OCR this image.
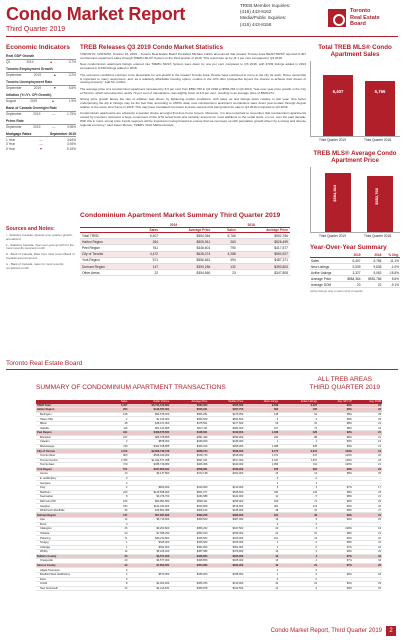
Condo Market Report
Third Quarter 2019
TREB Member Inquiries:
(416) 443-8152
Media/Public Inquiries:
(416) 443-8158
Toronto
Real Estate
Board
Economic Indicators
Real GDP Growth
Q2	2019	▲	3.7%
Toronto Employment Growth
September	2019	▲	3.2%
Toronto Unemployment Rate
September	2019	▼	5.8%
Inflation (Yr./Yr. CPI Growth)
August	2019	▲	1.9%
Bank of Canada Overnight Rate
September	2019	—	1.75%
Prime Rate
September	2019	—	3.95%
Mortgage Rates	September 2019
1 Year	—	3.64%
3 Year	—	3.94%
5 Year	▼	5.19%
Sources and Notes:

i - Statistics Canada, Quarter-over-quarter growth, annualized

ii - Statistics Canada, Year-over-year growth for the most recently reported month

iii - Bank of Canada, Rate from most recent Bank of Canada announcement

iv - Bank of Canada, rates for most recently completed month

TREB Releases Q3 2019 Condo Market Statistics

TORONTO, ONTARIO, October 16, 2019 – Toronto Real Estate Board President Michael Collins announced that Greater Toronto Area REALTORS® reported 6,407 condominium apartment sales through TREB's MLS® System in the third quarter of 2019. This result was up by 11.1 per cent compared to Q3 2018.

New condominium apartment listings entered into TREB's MLS® System were down by one per cent compared to Q3 2018, with 9,539 listings added in 2019 compared to 9,636 listings added in 2018.

The economic conditions continue to be favourable for unit growth in the Greater Toronto Area. People have continued to come to the city for work. Home ownership is important to many newcomers, and, as a relatively affordable housing option, condos in the GTA offer prospective buyers the chance to achieve their dream of owning property," said Mr. Collins.

The average price of a condominium apartment increased by 5.6 per cent from $552,766 in Q3 2018 to $584,364 in Q3 2019. Year-over-year price growth in the City of Toronto, which accounted for nearly 70 per cent of transactions, was slightly lower at 5.9 per cent, resulting in an average price of $628,074.

Strong price growth above the rate of inflation was driven by tightening market conditions, with sales up and listings down relative to last year. One factor underpinning the dip in listings may be the fact that, according to CMHC data, new condominium apartment completions were down year-to-date through August relative to the same time frame in 2018. This may have translated into fewer investor-owned units being listed for sale in Q3 2019 compared to Q3 2018.

Condominium apartments are obviously a popular choice amongst first-time home buyers. Moreover, it is also important to remember that condominium apartments owned by investors represent a huge component of the GTA rental stock and certainly account for most additions to the rental stock, on net, over the past decade. With this in mind, strong price trends segment will be important moving forward to ensure that we can keep up with population growth driven by a strong and diverse regional economy," said Jason Mercer, TREB's Chief Market Analyst.

Condominium Apartment Market Summary Third Quarter 2019
	2019		2018	
	Sales	Average Price	Sales	Average Price
Total TREB	6,407	$584,364	5,766	$552,766
Halton Region	264	$505,941	263	$526,499
Peel Region	911	$448,601	790	$417,577
City of Toronto	4,472	$628,074	4,288	$594,927
York Region	571	$556,661	494	$487,371
Durham Region	147	$390,256	132	$390,803
Other Areas	22	$354,660	23	$347,808
Total TREB MLS® Condo Apartment Sales
6,407	5,766
Third Quarter 2019	Third Quarter 2018
TREB MLS® Average Condo Apartment Price
$584,364	$552,766
Third Quarter 2019	Third Quarter 2018
Year-Over-Year Summary
	2019	2018	% Chg.
Sales	6,407	5,766	11.1%
New Listings	9,539	9,636	-1.0%
Active Listings	3,327	5,063	-16.5%
Average Price	$584,364	$552,766	5.6%
Average DOM	20	22	-9.1%
Active listings refer to last month of quarter
Toronto Real Estate Board
SUMMARY OF CONDOMINIUM APARTMENT TRANSACTIONS
ALL TREB AREAS
THIRD QUARTER 2019
	Sales	Dollar Volume	Average Price	Median Price	New Listings	Active Listings	Avg. SP / LP	Avg. DOM
TREB Total	6,407	$3,744,120,894	$584,364	$525,000	9,539	3,327	99%	20
Halton Region	264	$133,567,391	$505,941	$467,750	390	165	98%	29
Burlington	108	$54,678,320	$506,281	$476,950	148	52	98%	28
Halton Hills	2	$1,109,000	$554,500	$554,500	5	3	98%	25
Milton	38	$18,071,300	$475,561	$477,500	53	15	98%	21
Oakville	116	$61,144,895	$527,111	$482,000	167	73	98%	31
Peel Region	911	$408,675,580	$448,601	$440,000	1,306	426	99%	21
Brampton	167	$65,378,895	$391,490	$390,000	244	88	98%	21
Caledon	2	$878,000	$439,000	$439,000	1	1	99%	15
Mississauga	739	$342,168,685	$463,016	$455,000	1,068	336	99%	21
City of Toronto	4,472	$2,808,746,738	$628,074	$568,000	6,774	2,315	100%	19
Toronto West	963	$528,429,060	$548,733	$518,000	1,371	437	100%	20
Toronto Central	2,789	$1,944,577,298	$697,231	$617,000	4,347	1,567	100%	18
Toronto East	720	$335,740,380	$466,306	$440,000	1,056	311	100%	21
York Region	571	$317,853,331	$556,661	$530,000	876	384	98%	23
Aurora	13	$6,137,800	$472,138	$462,000	23	14	98%	35
E. Gwillimbury	0	-	-	-	0	0	-	-
Georgina	0	-	-	-	2	2	-	-
King	2	$820,000	$410,000	$410,000	3	3	97%	17
Markham	220	$123,568,960	$561,677	$536,500	332	134	98%	23
Newmarket	8	$3,476,700	$434,588	$442,000	11	5	98%	21
Richmond Hill	106	$53,891,580	$508,411	$495,000	153	71	98%	26
Vaughan	183	$114,156,906	$623,808	$579,000	304	124	99%	20
Whitchurch-Stouffville	39	$15,801,385	$405,164	$435,000	48	31	98%	27
Durham Region	147	$57,367,632	$390,256	$380,000	181	33	99%	21
Ajax	14	$5,719,000	$408,500	$387,000	16	5	99%	26
Brock	0	-	-	-	0	0	-	-
Clarington	26	$9,262,820	$356,262	$347,500	24	3	100%	19
Oshawa	20	$7,058,250	$352,913	$330,000	24	10	98%	22
Pickering	71	$30,214,862	$425,562	$420,000	101	13	99%	20
Scugog	1	$325,000	$325,000	$325,000	1	0	98%	22
Uxbridge	1	$362,000	$362,000	$362,000	1	0	97%	24
Whitby	14	$5,426,200	$387,586	$379,900	14	2	99%	20
Dufferin County	20	$6,577,000	$328,850	$325,000	13	4	97%	34
Orangeville	20	$6,577,000	$328,850	$325,000	13	4	97%	34
Simcoe County	22	$7,802,531	$354,660	$324,000	46	21	97%	26
Adjala-Tosorontio	0	-	-	-	0	0	-	-
Bradford West Gwillimbury	2	$670,000	$335,000	$335,000	1	0	96%	18
Essa	0	-	-	-	0	0	-	-
Innisfil	8	$2,922,000	$365,250	$410,000	34	16	96%	29
New Tecumseth	12	$4,210,531	$350,878	$312,500	11	5	98%	26
Condo Market Report, Third Quarter 2019	2
